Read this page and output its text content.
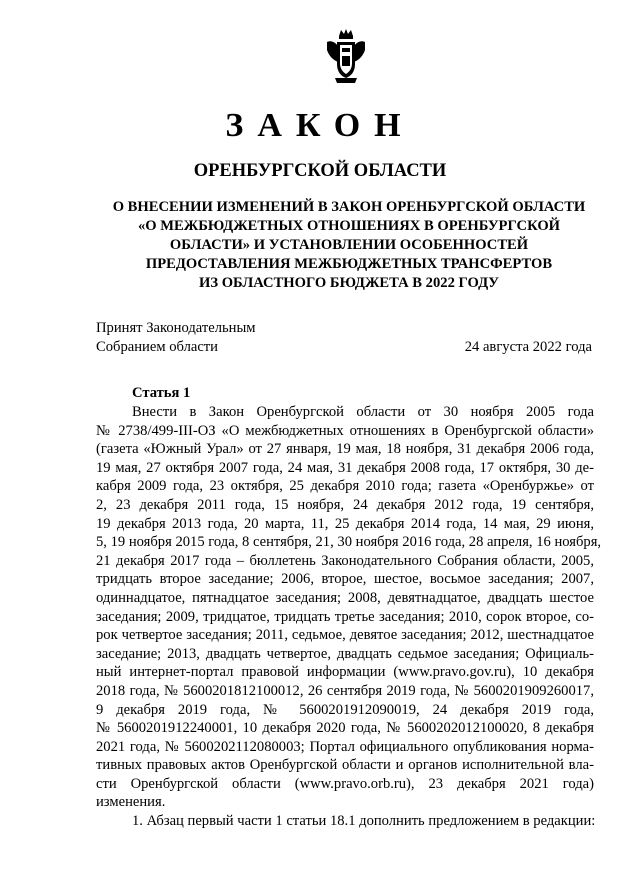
ЗАКОН
ОРЕНБУРГСКОЙ ОБЛАСТИ
О ВНЕСЕНИИ ИЗМЕНЕНИЙ В ЗАКОН ОРЕНБУРГСКОЙ ОБЛАСТИ
«О МЕЖБЮДЖЕТНЫХ ОТНОШЕНИЯХ В ОРЕНБУРГСКОЙ
ОБЛАСТИ» И УСТАНОВЛЕНИИ ОСОБЕННОСТЕЙ
ПРЕДОСТАВЛЕНИЯ МЕЖБЮДЖЕТНЫХ ТРАНСФЕРТОВ
ИЗ ОБЛАСТНОГО БЮДЖЕТА В 2022 ГОДУ
Принят Законодательным
Собранием области	24 августа 2022 года
Статья 1
Внести в Закон Оренбургской области от 30 ноября 2005 года
№ 2738/499-III-ОЗ «О межбюджетных отношениях в Оренбургской области»
(газета «Южный Урал» от 27 января, 19 мая, 18 ноября, 31 декабря 2006 года,
19 мая, 27 октября 2007 года, 24 мая, 31 декабря 2008 года, 17 октября, 30 де-
кабря 2009 года, 23 октября, 25 декабря 2010 года; газета «Оренбуржье» от
2, 23 декабря 2011 года, 15 ноября, 24 декабря 2012 года, 19 сентября,
19 декабря 2013 года, 20 марта, 11, 25 декабря 2014 года, 14 мая, 29 июня,
5, 19 ноября 2015 года, 8 сентября, 21, 30 ноября 2016 года, 28 апреля, 16 ноября,
21 декабря 2017 года – бюллетень Законодательного Собрания области, 2005,
тридцать второе заседание; 2006, второе, шестое, восьмое заседания; 2007,
одиннадцатое, пятнадцатое заседания; 2008, девятнадцатое, двадцать шестое
заседания; 2009, тридцатое, тридцать третье заседания; 2010, сорок второе, со-
рок четвертое заседания; 2011, седьмое, девятое заседания; 2012, шестнадцатое
заседание; 2013, двадцать четвертое, двадцать седьмое заседания; Официаль-
ный интернет-портал правовой информации (www.pravo.gov.ru), 10 декабря
2018 года, № 5600201812100012, 26 сентября 2019 года, № 5600201909260017,
9 декабря 2019 года, № 5600201912090019, 24 декабря 2019 года,
№ 5600201912240001, 10 декабря 2020 года, № 5600202012100020, 8 декабря
2021 года, № 5600202112080003; Портал официального опубликования норма-
тивных правовых актов Оренбургской области и органов исполнительной вла-
сти Оренбургской области (www.pravo.orb.ru), 23 декабря 2021 года)
изменения.
1. Абзац первый части 1 статьи 18.1 дополнить предложением в редакции:
